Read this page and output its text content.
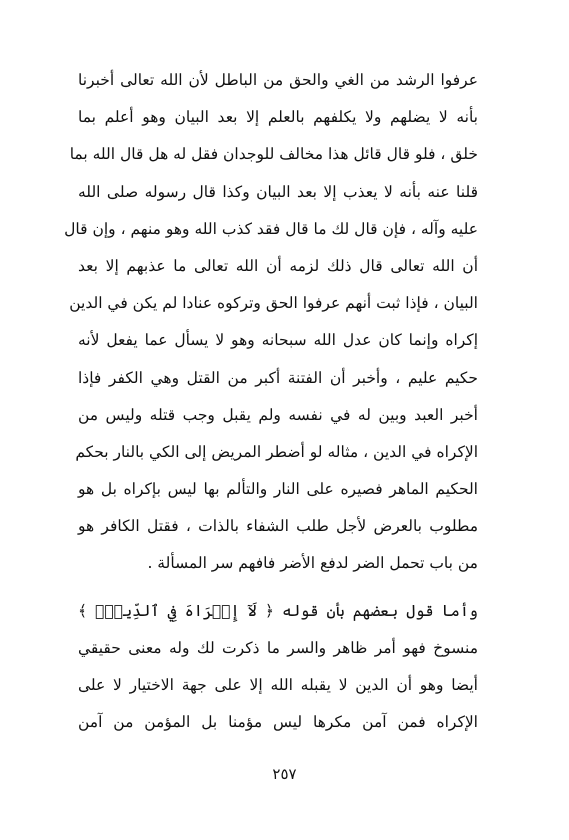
عرفوا الرشد من الغي والحق من الباطل لأن الله تعالى أخبرنا
بأنه لا يضلهم ولا يكلفهم بالعلم إلا بعد البيان وهو أعلم بما
خلق ، فلو قال قائل هذا مخالف للوجدان فقل له هل قال الله بما
قلنا عنه بأنه لا يعذب إلا بعد البيان وكذا قال رسوله صلى الله
عليه وآله ، فإن قال لك ما قال فقد كذب الله وهو منهم ، وإن قال
أن الله تعالى قال ذلك لزمه أن الله تعالى ما عذبهم إلا بعد
البيان ، فإذا ثبت أنهم عرفوا الحق وتركوه عنادا لم يكن في الدين
إكراه وإنما كان عدل الله سبحانه وهو لا يسأل عما يفعل لأنه
حكيم عليم ، وأخبر أن الفتنة أكبر من القتل وهي الكفر فإذا
أخبر العبد وبين له في نفسه ولم يقبل وجب قتله وليس من
الإكراه في الدين ، مثاله لو أضطر المريض إلى الكي بالنار بحكم
الحكيم الماهر فصيره على النار والتألم بها ليس بإكراه بل هو
مطلوب بالعرض لأجل طلب الشفاء بالذات ، فقتل الكافر هو
من باب تحمل الضر لدفع الأضر فافهم سر المسألة .
وأما قول بعضهم بأن قوله ﴿ لَآ إِكۡرَاهَ فِي ٱلدِّينِۖ ﴾
منسوخ فهو أمر ظاهر والسر ما ذكرت لك وله معنى حقيقي
أيضا وهو أن الدين لا يقبله الله إلا على جهة الاختيار لا على
الإكراه فمن آمن مكرها ليس مؤمنا بل المؤمن من آمن
٢٥٧
